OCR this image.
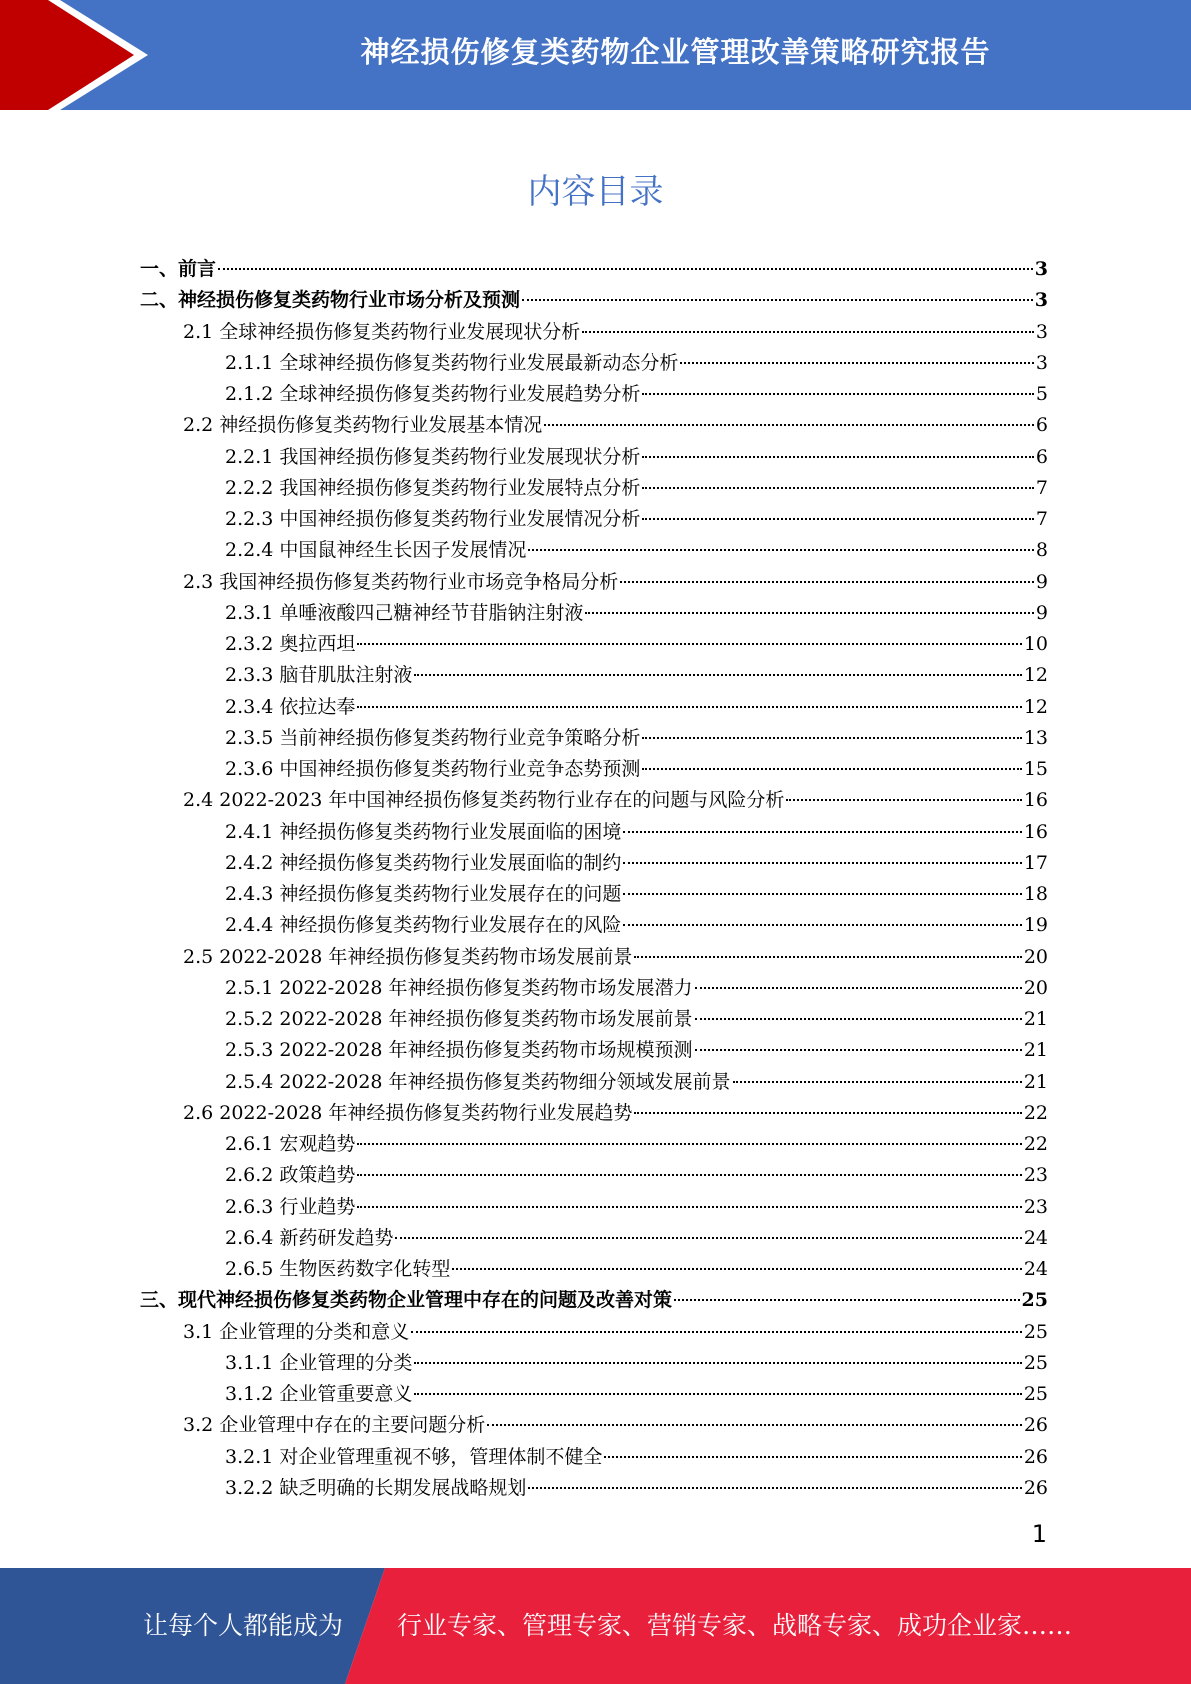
神经损伤修复类药物企业管理改善策略研究报告
内容目录
一、前言	3
二、神经损伤修复类药物行业市场分析及预测	3
2.1 全球神经损伤修复类药物行业发展现状分析	3
2.1.1 全球神经损伤修复类药物行业发展最新动态分析	3
2.1.2 全球神经损伤修复类药物行业发展趋势分析	5
2.2 神经损伤修复类药物行业发展基本情况	6
2.2.1 我国神经损伤修复类药物行业发展现状分析	6
2.2.2 我国神经损伤修复类药物行业发展特点分析	7
2.2.3 中国神经损伤修复类药物行业发展情况分析	7
2.2.4 中国鼠神经生长因子发展情况	8
2.3 我国神经损伤修复类药物行业市场竞争格局分析	9
2.3.1 单唾液酸四己糖神经节苷脂钠注射液	9
2.3.2 奥拉西坦	10
2.3.3 脑苷肌肽注射液	12
2.3.4 依拉达奉	12
2.3.5 当前神经损伤修复类药物行业竞争策略分析	13
2.3.6 中国神经损伤修复类药物行业竞争态势预测	15
2.4 2022-2023 年中国神经损伤修复类药物行业存在的问题与风险分析	16
2.4.1 神经损伤修复类药物行业发展面临的困境	16
2.4.2 神经损伤修复类药物行业发展面临的制约	17
2.4.3 神经损伤修复类药物行业发展存在的问题	18
2.4.4 神经损伤修复类药物行业发展存在的风险	19
2.5 2022-2028 年神经损伤修复类药物市场发展前景	20
2.5.1 2022-2028 年神经损伤修复类药物市场发展潜力	20
2.5.2 2022-2028 年神经损伤修复类药物市场发展前景	21
2.5.3 2022-2028 年神经损伤修复类药物市场规模预测	21
2.5.4 2022-2028 年神经损伤修复类药物细分领域发展前景	21
2.6 2022-2028 年神经损伤修复类药物行业发展趋势	22
2.6.1 宏观趋势	22
2.6.2 政策趋势	23
2.6.3 行业趋势	23
2.6.4 新药研发趋势	24
2.6.5 生物医药数字化转型	24
三、现代神经损伤修复类药物企业管理中存在的问题及改善对策	25
3.1 企业管理的分类和意义	25
3.1.1 企业管理的分类	25
3.1.2 企业管重要意义	25
3.2 企业管理中存在的主要问题分析	26
3.2.1 对企业管理重视不够，管理体制不健全	26
3.2.2 缺乏明确的长期发展战略规划	26
1
让每个人都能成为 行业专家、管理专家、营销专家、战略专家、成功企业家……
